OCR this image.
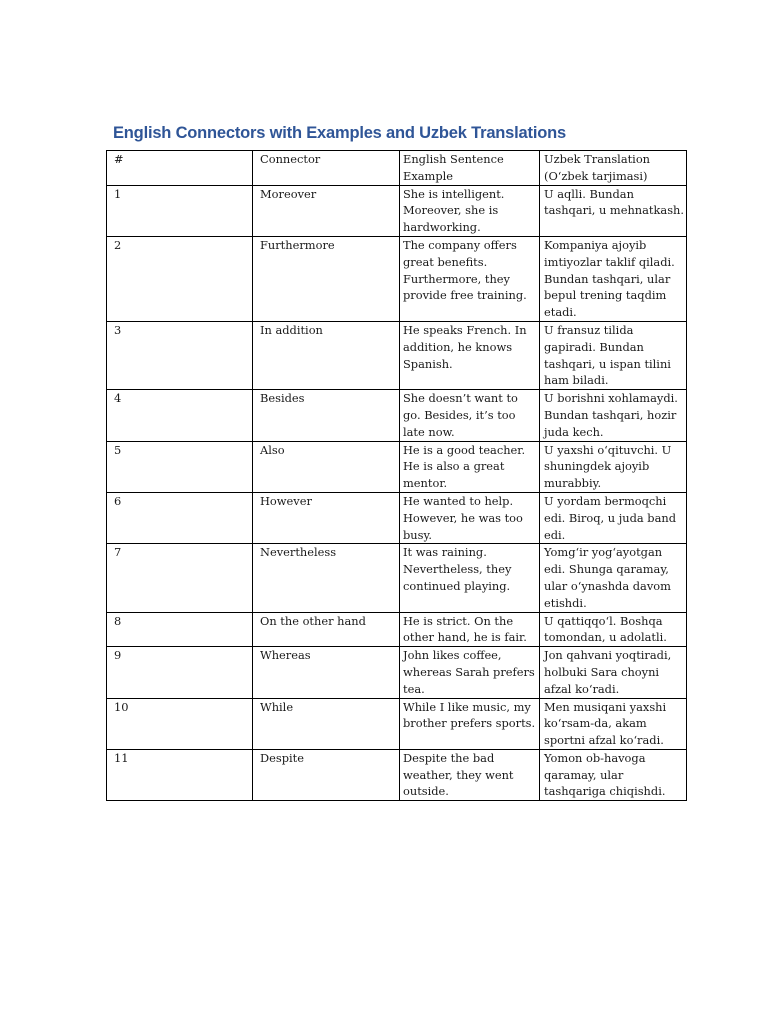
English Connectors with Examples and Uzbek Translations
#	Connector	English Sentence Example	Uzbek Translation (O‘zbek tarjimasi)
1	Moreover	She is intelligent. Moreover, she is hardworking.	U aqlli. Bundan tashqari, u mehnatkash.
2	Furthermore	The company offers great benefits. Furthermore, they provide free training.	Kompaniya ajoyib imtiyozlar taklif qiladi. Bundan tashqari, ular bepul trening taqdim etadi.
3	In addition	He speaks French. In addition, he knows Spanish.	U fransuz tilida gapiradi. Bundan tashqari, u ispan tilini ham biladi.
4	Besides	She doesn’t want to go. Besides, it’s too late now.	U borishni xohlamaydi. Bundan tashqari, hozir juda kech.
5	Also	He is a good teacher. He is also a great mentor.	U yaxshi o‘qituvchi. U shuningdek ajoyib murabbiy.
6	However	He wanted to help. However, he was too busy.	U yordam bermoqchi edi. Biroq, u juda band edi.
7	Nevertheless	It was raining. Nevertheless, they continued playing.	Yomg‘ir yog‘ayotgan edi. Shunga qaramay, ular o‘ynashda davom etishdi.
8	On the other hand	He is strict. On the other hand, he is fair.	U qattiqqo‘l. Boshqa tomondan, u adolatli.
9	Whereas	John likes coffee, whereas Sarah prefers tea.	Jon qahvani yoqtiradi, holbuki Sara choyni afzal ko‘radi.
10	While	While I like music, my brother prefers sports.	Men musiqani yaxshi ko‘rsam-da, akam sportni afzal ko‘radi.
11	Despite	Despite the bad weather, they went outside.	Yomon ob-havoga qaramay, ular tashqariga chiqishdi.
